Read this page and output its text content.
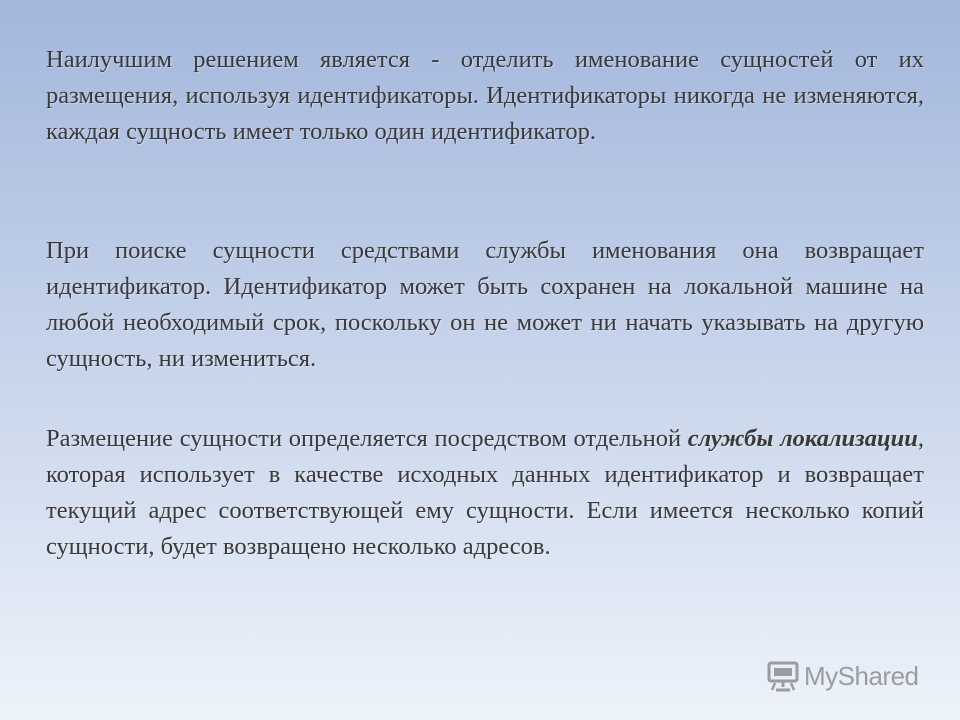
Наилучшим решением является - отделить именование сущностей от их размещения, используя идентификаторы. Идентификаторы никогда не изменяются, каждая сущность имеет только один идентификатор.

При поиске сущности средствами службы именования она возвращает идентификатор. Идентификатор может быть сохранен на локальной машине на любой необходимый срок, поскольку он не может ни начать указывать на другую сущность, ни измениться.

Размещение сущности определяется посредством отдельной службы локализации, которая использует в качестве исходных данных идентификатор и возвращает текущий адрес соответствующей ему сущности. Если имеется несколько копий сущности, будет возвращено несколько адресов.

MyShared
